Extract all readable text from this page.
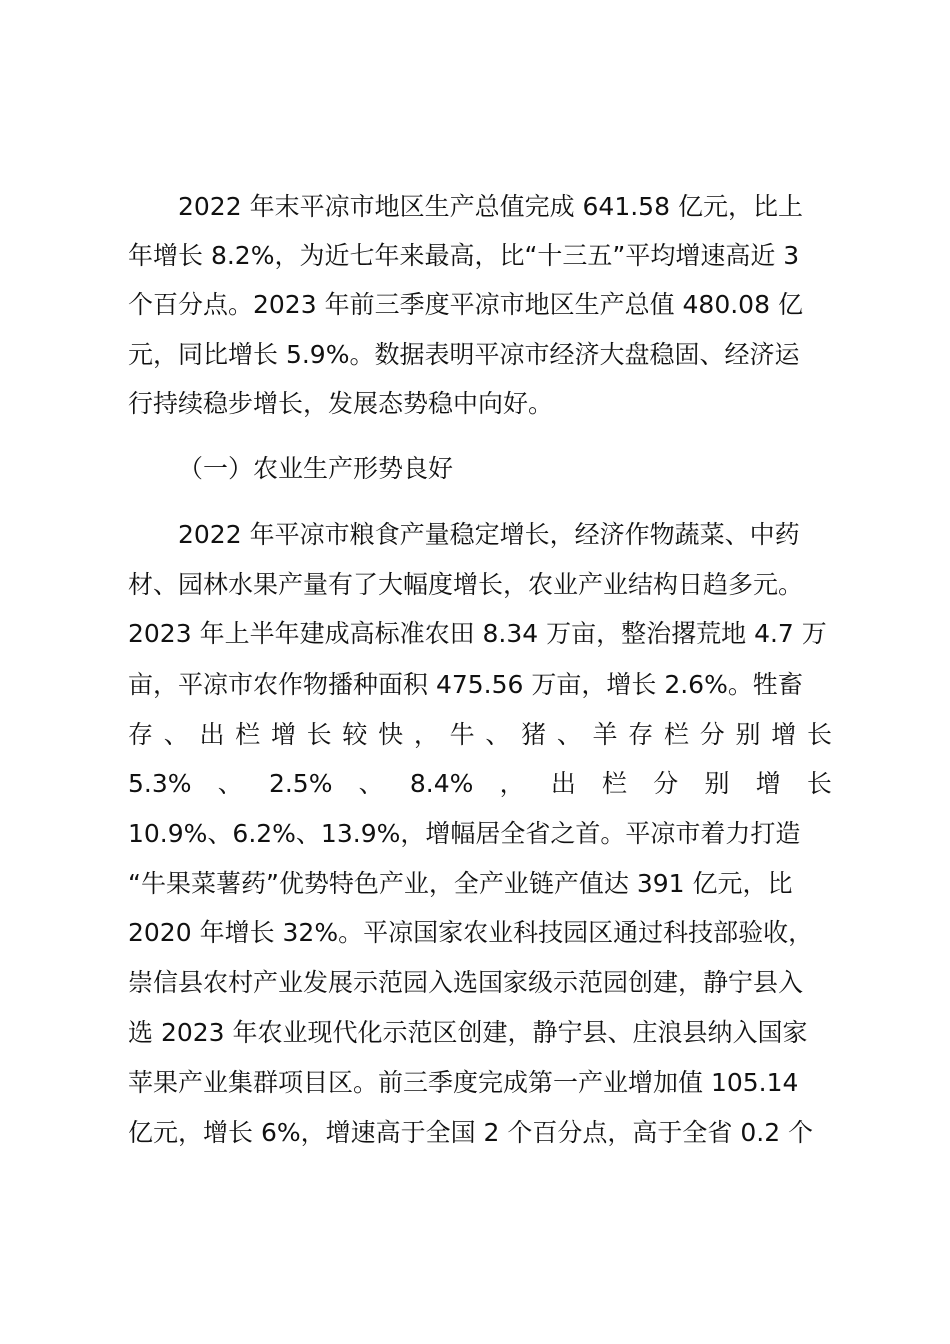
2022 年末平凉市地区生产总值完成 641.58 亿元，比上
年增长 8.2%，为近七年来最高，比“十三五”平均增速高近 3
个百分点。2023 年前三季度平凉市地区生产总值 480.08 亿
元，同比增长 5.9%。数据表明平凉市经济大盘稳固、经济运
行持续稳步增长，发展态势稳中向好。
（一）农业生产形势良好
2022 年平凉市粮食产量稳定增长，经济作物蔬菜、中药
材、园林水果产量有了大幅度增长，农业产业结构日趋多元。
2023 年上半年建成高标准农田 8.34 万亩，整治撂荒地 4.7 万
亩，平凉市农作物播种面积 475.56 万亩，增长 2.6%。牲畜
存 、 出 栏 增 长 较 快 ， 牛 、 猪 、 羊 存 栏 分 别 增 长
5.3% 、 2.5% 、 8.4% ， 出 栏 分 别 增 长
10.9%、6.2%、13.9%，增幅居全省之首。平凉市着力打造
“牛果菜薯药”优势特色产业，全产业链产值达 391 亿元，比
2020 年增长 32%。平凉国家农业科技园区通过科技部验收，
崇信县农村产业发展示范园入选国家级示范园创建，静宁县入
选 2023 年农业现代化示范区创建，静宁县、庄浪县纳入国家
苹果产业集群项目区。前三季度完成第一产业增加值 105.14
亿元，增长 6%，增速高于全国 2 个百分点，高于全省 0.2 个
